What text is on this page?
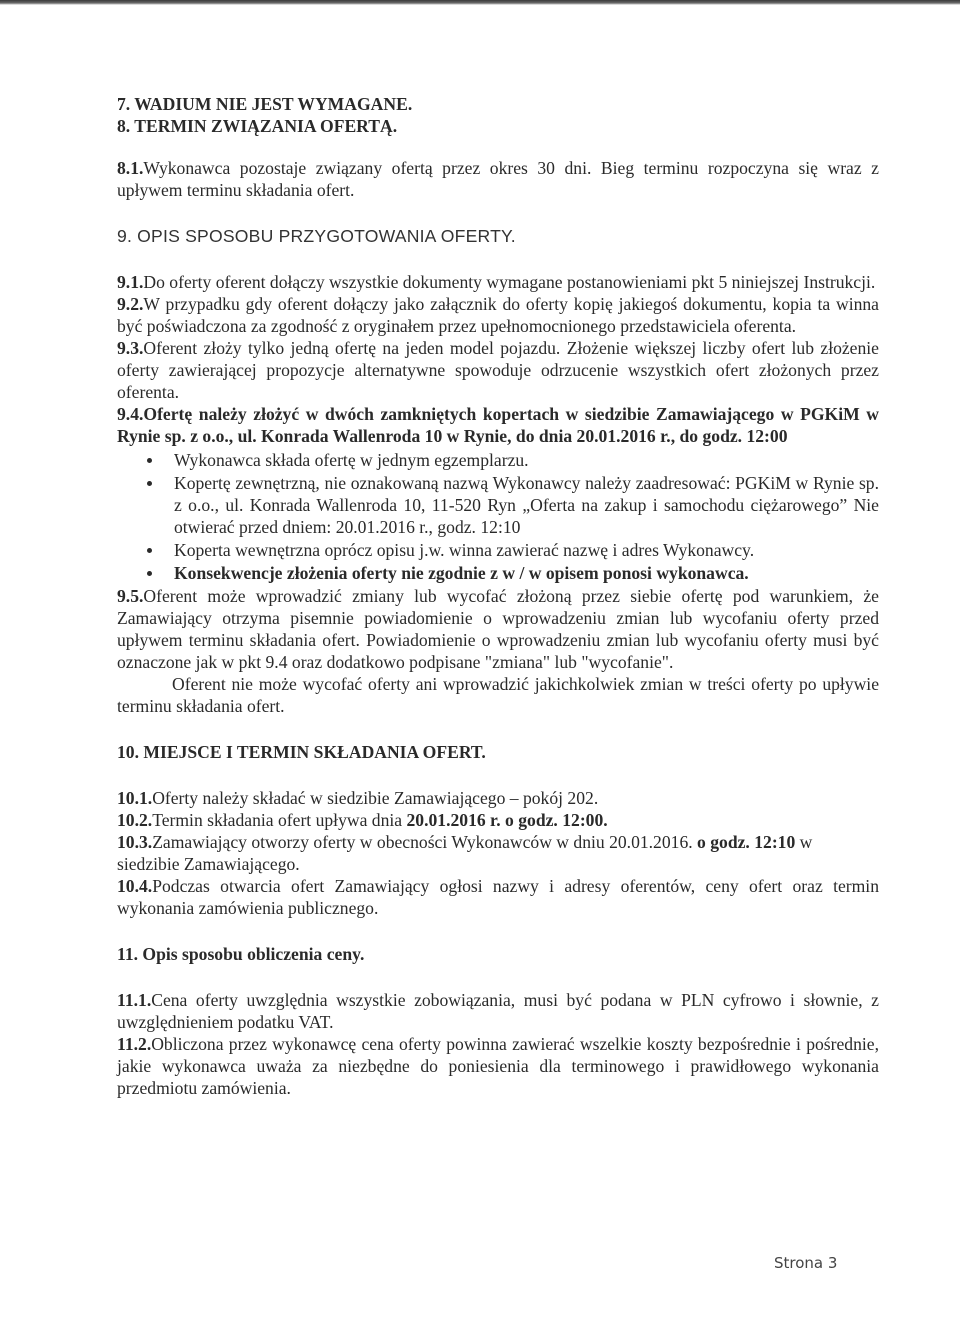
7. WADIUM NIE JEST WYMAGANE.

8. TERMIN ZWIĄZANIA OFERTĄ.

8.1.Wykonawca pozostaje związany ofertą przez okres 30 dni. Bieg terminu rozpoczyna się wraz z upływem terminu składania ofert.

9. OPIS SPOSOBU PRZYGOTOWANIA OFERTY.

9.1.Do oferty oferent dołączy wszystkie dokumenty wymagane postanowieniami pkt 5 niniejszej Instrukcji.

9.2.W przypadku gdy oferent dołączy jako załącznik do oferty kopię jakiegoś dokumentu, kopia ta winna być poświadczona za zgodność z oryginałem przez upełnomocnionego przedstawiciela oferenta.

9.3.Oferent złoży tylko jedną ofertę na jeden model pojazdu. Złożenie większej liczby ofert lub złożenie oferty zawierającej propozycje alternatywne spowoduje odrzucenie wszystkich ofert złożonych przez oferenta.

9.4.Ofertę należy złożyć w dwóch zamkniętych kopertach w siedzibie Zamawiającego w PGKiM w Rynie sp. z o.o., ul. Konrada Wallenroda 10 w Rynie, do dnia 20.01.2016 r., do godz. 12:00

Wykonawca składa ofertę w jednym egzemplarzu.
Kopertę zewnętrzną, nie oznakowaną nazwą Wykonawcy należy zaadresować: PGKiM w Rynie sp. z o.o., ul. Konrada Wallenroda 10, 11-520 Ryn „Oferta na zakup i samochodu ciężarowego” Nie otwierać przed dniem: 20.01.2016 r., godz. 12:10
Koperta wewnętrzna oprócz opisu j.w. winna zawierać nazwę i adres Wykonawcy.
Konsekwencje złożenia oferty nie zgodnie z w / w opisem ponosi wykonawca.

9.5.Oferent może wprowadzić zmiany lub wycofać złożoną przez siebie ofertę pod warunkiem, że Zamawiający otrzyma pisemnie powiadomienie o wprowadzeniu zmian lub wycofaniu oferty przed upływem terminu składania ofert. Powiadomienie o wprowadzeniu zmian lub wycofaniu oferty musi być oznaczone jak w pkt 9.4 oraz dodatkowo podpisane "zmiana" lub "wycofanie".

Oferent nie może wycofać oferty ani wprowadzić jakichkolwiek zmian w treści oferty po upływie terminu składania ofert.

10. MIEJSCE I TERMIN SKŁADANIA OFERT.

10.1.Oferty należy składać w siedzibie Zamawiającego – pokój 202.

10.2.Termin składania ofert upływa dnia 20.01.2016 r. o godz. 12:00.

10.3.Zamawiający otworzy oferty w obecności Wykonawców w dniu 20.01.2016. o godz. 12:10 w siedzibie Zamawiającego.

10.4.Podczas otwarcia ofert Zamawiający ogłosi nazwy i adresy oferentów, ceny ofert oraz termin wykonania zamówienia publicznego.

11. Opis sposobu obliczenia ceny.

11.1.Cena oferty uwzględnia wszystkie zobowiązania, musi być podana w PLN cyfrowo i słownie, z uwzględnieniem podatku VAT.

11.2.Obliczona przez wykonawcę cena oferty powinna zawierać wszelkie koszty bezpośrednie i pośrednie, jakie wykonawca uważa za niezbędne do poniesienia dla terminowego i prawidłowego wykonania przedmiotu zamówienia.

Strona 3
